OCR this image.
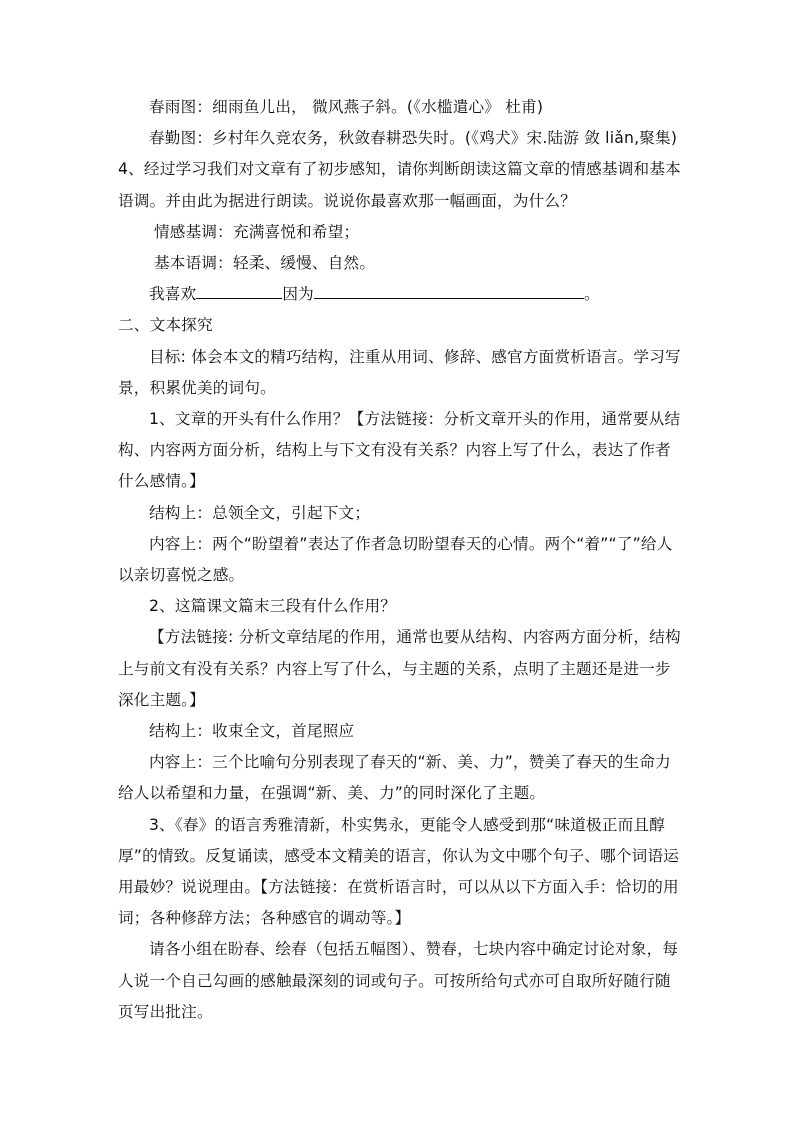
春雨图：细雨鱼儿出， 微风燕子斜。(《水槛遣心》 杜甫)

春勤图：乡村年久竞农务，秋敛春耕恐失时。(《鸡犬》宋.陆游 敛 liǎn,聚集)

4、经过学习我们对文章有了初步感知，请你判断朗读这篇文章的情感基调和基本语调。并由此为据进行朗读。说说你最喜欢那一幅画面，为什么？

情感基调：充满喜悦和希望；

基本语调：轻柔、缓慢、自然。

我喜欢	因为	。

二、文本探究

目标: 体会本文的精巧结构，注重从用词、修辞、感官方面赏析语言。学习写景，积累优美的词句。

1、文章的开头有什么作用？【方法链接：分析文章开头的作用，通常要从结构、内容两方面分析，结构上与下文有没有关系？内容上写了什么，表达了作者什么感情。】

结构上：总领全文，引起下文；

内容上：两个“盼望着”表达了作者急切盼望春天的心情。两个“着”“了”给人以亲切喜悦之感。

2、这篇课文篇末三段有什么作用？

【方法链接: 分析文章结尾的作用，通常也要从结构、内容两方面分析，结构上与前文有没有关系？内容上写了什么，与主题的关系，点明了主题还是进一步深化主题。】

结构上：收束全文，首尾照应

内容上：三个比喻句分别表现了春天的“新、美、力”，赞美了春天的生命力给人以希望和力量，在强调“新、美、力”的同时深化了主题。

3、《春》的语言秀雅清新，朴实隽永，更能令人感受到那“味道极正而且醇厚”的情致。反复诵读，感受本文精美的语言，你认为文中哪个句子、哪个词语运用最妙？说说理由。【方法链接：在赏析语言时，可以从以下方面入手：恰切的用词；各种修辞方法；各种感官的调动等。】

请各小组在盼春、绘春（包括五幅图）、赞春，七块内容中确定讨论对象，每人说一个自己勾画的感触最深刻的词或句子。可按所给句式亦可自取所好随行随页写出批注。
